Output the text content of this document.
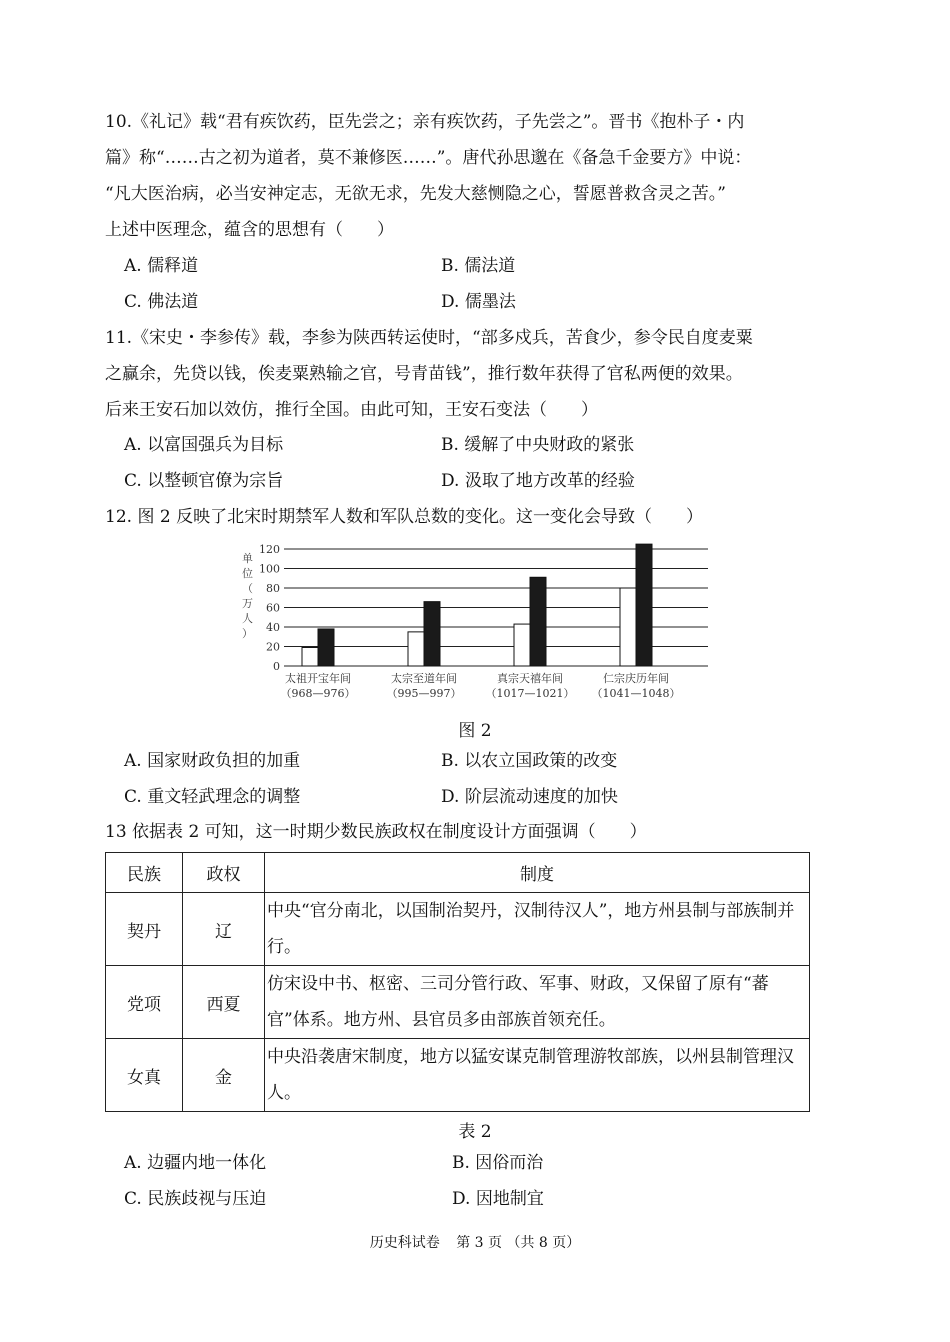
10.《礼记》载“君有疾饮药，臣先尝之；亲有疾饮药，子先尝之”。晋书《抱朴子・内
篇》称“……古之初为道者，莫不兼修医……”。唐代孙思邈在《备急千金要方》中说：
“凡大医治病，必当安神定志，无欲无求，先发大慈恻隐之心，誓愿普救含灵之苦。”
上述中医理念，蕴含的思想有（　　）
A. 儒释道	B. 儒法道
C. 佛法道	D. 儒墨法
11.《宋史・李参传》载，李参为陕西转运使时，“部多戍兵，苦食少，参令民自度麦粟
之赢余，先贷以钱，俟麦粟熟输之官，号青苗钱”，推行数年获得了官私两便的效果。
后来王安石加以效仿，推行全国。由此可知，王安石变法（　　）
A. 以富国强兵为目标	B. 缓解了中央财政的紧张
C. 以整顿官僚为宗旨	D. 汲取了地方改革的经验
12. 图 2 反映了北宋时期禁军人数和军队总数的变化。这一变化会导致（　　）
0
20
40
60
80
100
120
太祖开宝年间
（968—976）
太宗至道年间
（995—997）
真宗天禧年间
（1017—1021）
仁宗庆历年间
（1041—1048）
单位（万人）
图 2
A. 国家财政负担的加重	B. 以农立国政策的改变
C. 重文轻武理念的调整	D. 阶层流动速度的加快
13 依据表 2 可知，这一时期少数民族政权在制度设计方面强调（　　）
民族	政权	制度
契丹	辽	中央“官分南北，以国制治契丹，汉制待汉人”，地方州县制与部族制并行。
党项	西夏	仿宋设中书、枢密、三司分管行政、军事、财政，又保留了原有“蕃官”体系。地方州、县官员多由部族首领充任。
女真	金	中央沿袭唐宋制度，地方以猛安谋克制管理游牧部族，以州县制管理汉人。
表 2
A. 边疆内地一体化	B. 因俗而治
C. 民族歧视与压迫	D. 因地制宜
历史科试卷 第 3 页 （共 8 页）
